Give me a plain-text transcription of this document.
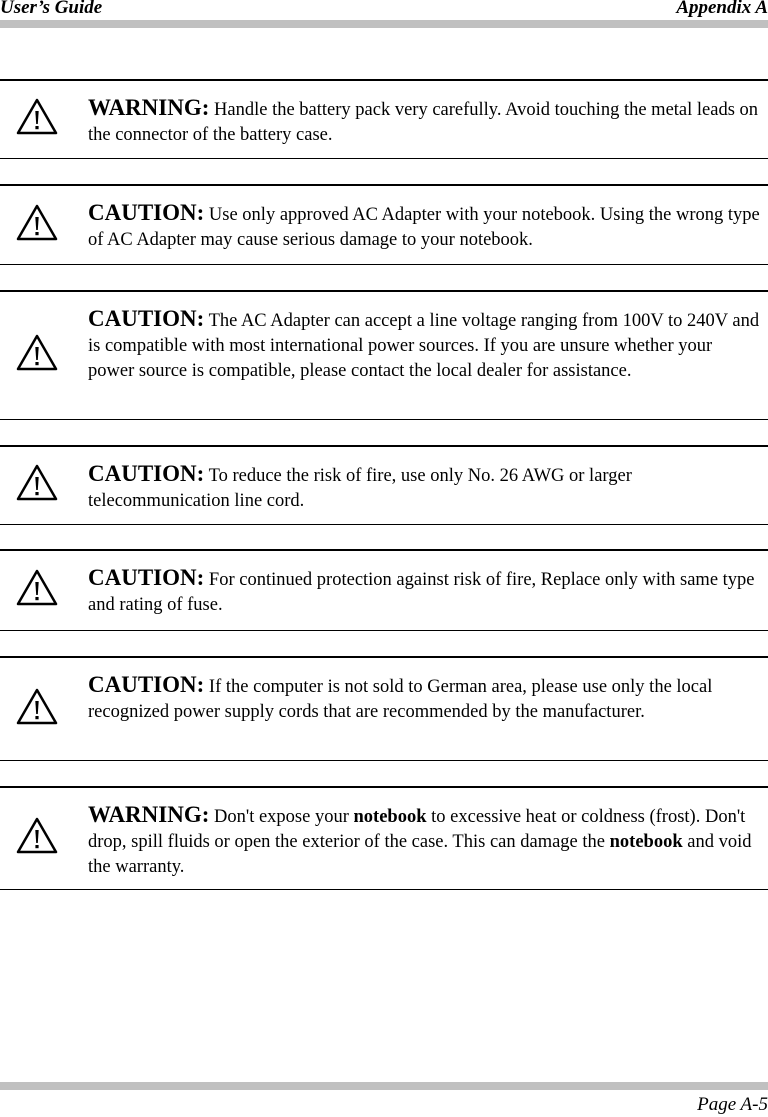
User’s Guide	Appendix A
WARNING: Handle the battery pack very carefully. Avoid touching the metal leads on the connector of the battery case.
CAUTION: Use only approved AC Adapter with your notebook. Using the wrong type of AC Adapter may cause serious damage to your notebook.
CAUTION: The AC Adapter can accept a line voltage ranging from 100V to 240V and is compatible with most international power sources. If you are unsure whether your power source is compatible, please contact the local dealer for assistance.
CAUTION: To reduce the risk of fire, use only No. 26 AWG or larger telecommunication line cord.
CAUTION: For continued protection against risk of fire, Replace only with same type and rating of fuse.
CAUTION: If the computer is not sold to German area, please use only the local recognized power supply cords that are recommended by the manufacturer.
WARNING: Don't expose your notebook to excessive heat or coldness (frost). Don't drop, spill fluids or open the exterior of the case. This can damage the notebook and void the warranty.
Page A-5
